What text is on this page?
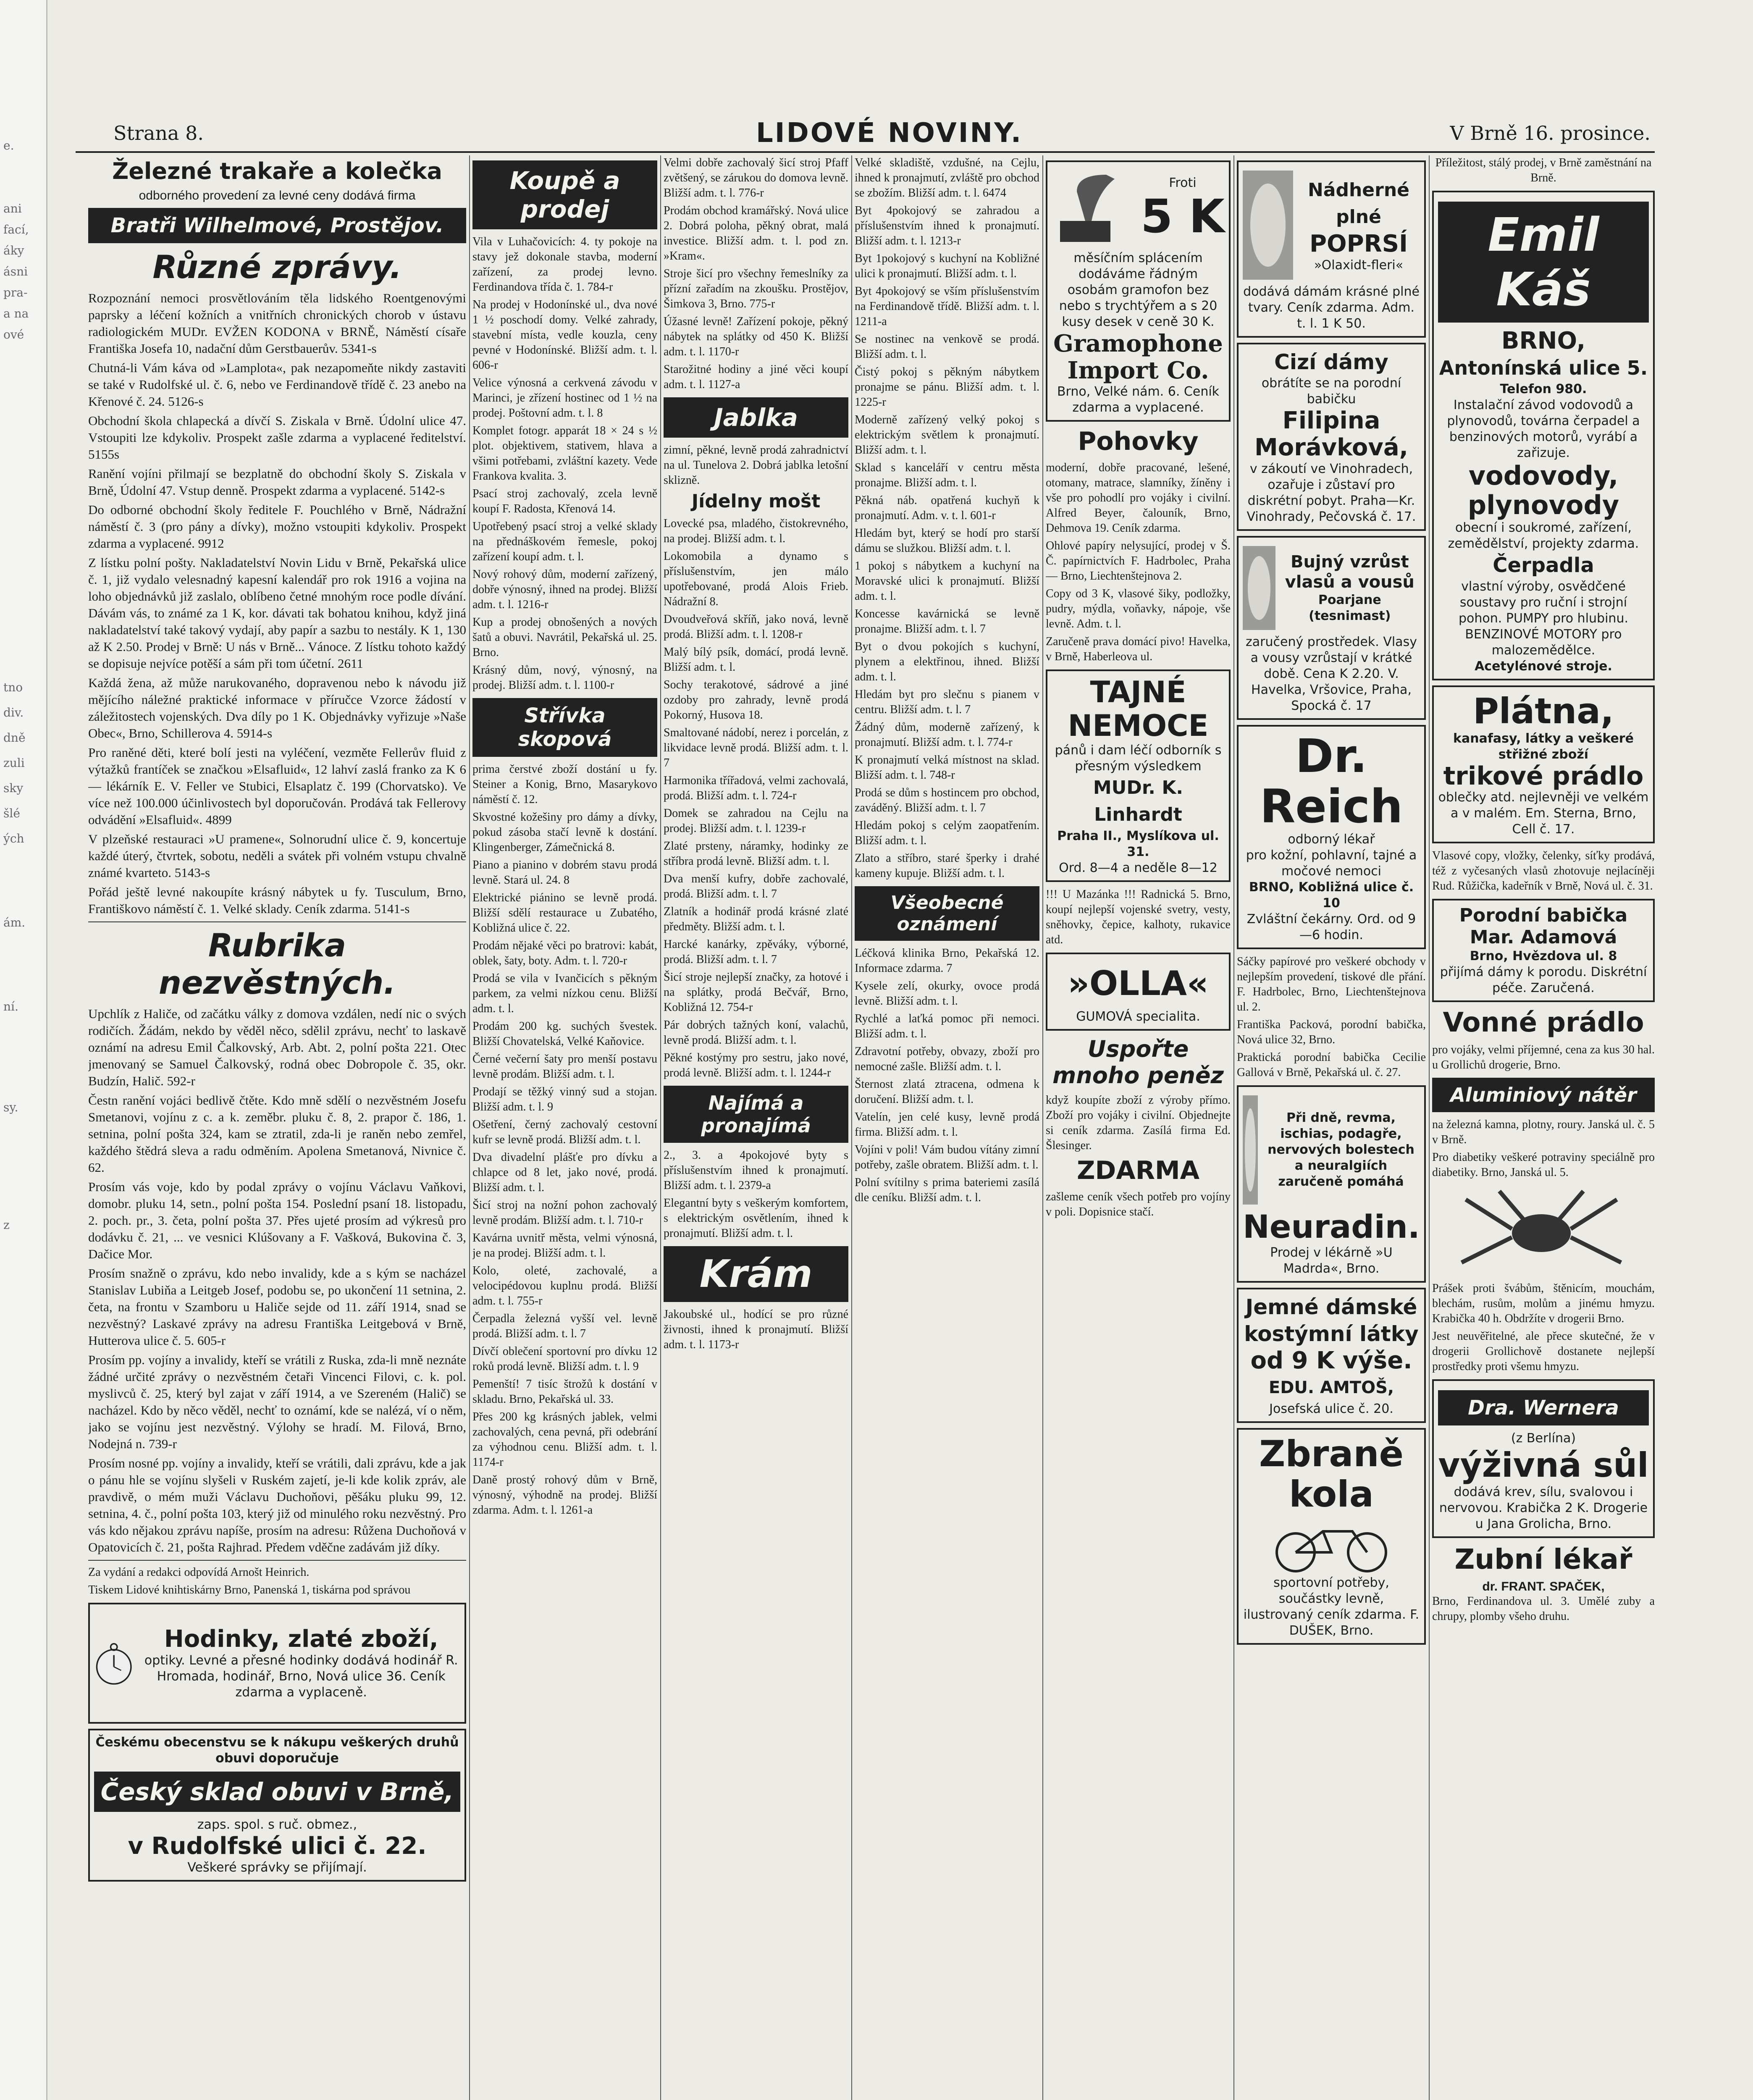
e.
ani
fací,
áky
ásni
pra-
a na
ové
tno
div.
dně
zuli
sky
šlé
ých
ám.
ní.
sy.
z
Strana 8.	LIDOVÉ NOVINY.	V Brně 16. prosince.
Železné trakaře a kolečka

odborného provedení za levné ceny dodává firma

Bratři Wilhelmové, Prostějov.
Různé zprávy.

Rozpoznání nemoci prosvětlováním těla lidského Roentgenovými paprsky a léčení kožních a vnitřních chronických chorob v ústavu radiologickém MUDr. EVŽEN KODONA v BRNĚ, Náměstí císaře Františka Josefa 10, nadační dům Gerstbauerův. 5341-s

Chutná-li Vám káva od »Lamplota«, pak nezapomeňte nikdy zastaviti se také v Rudolfské ul. č. 6, nebo ve Ferdinandově třídě č. 23 anebo na Křenové č. 24. 5126-s

Obchodní škola chlapecká a dívčí S. Ziskala v Brně. Údolní ulice 47. Vstoupiti lze kdykoliv. Prospekt zašle zdarma a vyplacené ředitelství. 5155s

Ranění vojíni přilmají se bezplatně do obchodní školy S. Ziskala v Brně, Údolní 47. Vstup denně. Prospekt zdarma a vyplacené. 5142-s

Do odborné obchodní školy ředitele F. Pouchlého v Brně, Nádražní náměstí č. 3 (pro pány a dívky), možno vstoupiti kdykoliv. Prospekt zdarma a vyplacené. 9912

Z lístku polní pošty. Nakladatelství Novin Lidu v Brně, Pekařská ulice č. 1, již vydalo velesnadný kapesní kalendář pro rok 1916 a vojina na loho objednávků již zaslalo, oblíbeno četné mnohým roce podle dívání. Dávám vás, to známé za 1 K, kor. dávati tak bohatou knihou, když jiná nakladatelství také takový vydají, aby papír a sazbu to nestály. K 1, 130 až K 2.50. Prodej v Brně: U nás v Brně... Vánoce. Z lístku tohoto každý se dopisuje nejvíce potěší a sám při tom účetní. 2611

Každá žena, až může narukovaného, dopravenou nebo k návodu již mějícího náležné praktické informace v příručce Vzorce žádostí v záležitostech vojenských. Dva díly po 1 K. Objednávky vyřizuje »Naše Obec«, Brno, Schillerova 4. 5914-s

Pro raněné děti, které bolí jesti na vyléčení, vezměte Fellerův fluid z výtažků frantíček se značkou »Elsafluid«, 12 lahví zaslá franko za K 6 — lékárník E. V. Feller ve Stubici, Elsaplatz č. 199 (Chorvatsko). Ve více než 100.000 účinlivostech byl doporučován. Prodává tak Fellerovy odvádění »Elsafluid«. 4899

V plzeňské restauraci »U pramene«, Solnorudní ulice č. 9, koncertuje každé úterý, čtvrtek, sobotu, neděli a svátek při volném vstupu chvalně známé kvarteto. 5143-s

Pořád ještě levné nakoupíte krásný nábytek u fy. Tusculum, Brno, Františkovo náměstí č. 1. Velké sklady. Ceník zdarma. 5141-s

Rubrika nezvěstných.

Upchlík z Haliče, od začátku války z domova vzdálen, nedí nic o svých rodičích. Žádám, nekdo by věděl něco, sdělil zprávu, nechť to laskavě oznámí na adresu Emil Čalkovský, Arb. Abt. 2, polní pošta 221. Otec jmenovaný se Samuel Čalkovský, rodná obec Dobropole č. 35, okr. Budzín, Halič. 592-r

Čestn ranění vojáci bedlivě čtěte. Kdo mně sdělí o nezvěstném Josefu Smetanovi, vojínu z c. a k. zeměbr. pluku č. 8, 2. prapor č. 186, 1. setnina, polní pošta 324, kam se ztratil, zda-li je raněn nebo zemřel, každého štědrá sleva a radu odměním. Apolena Smetanová, Nivnice č. 62.

Prosím vás voje, kdo by podal zprávy o vojínu Václavu Vaňkovi, domobr. pluku 14, setn., polní pošta 154. Poslední psaní 18. listopadu, 2. poch. pr., 3. četa, polní pošta 37. Přes ujeté prosím ad výkresů pro dodávku č. 21, ... ve vesnici Klúšovany a F. Vašková, Bukovina č. 3, Dačice Mor.

Prosím snažně o zprávu, kdo nebo invalidy, kde a s kým se nacházel Stanislav Lubiňa a Leitgeb Josef, podobu se, po ukončení 11 setnina, 2. četa, na frontu v Szamboru u Haliče sejde od 11. září 1914, snad se nezvěstný? Laskavé zprávy na adresu Františka Leitgebová v Brně, Hutterova ulice č. 5. 605-r

Prosím pp. vojíny a invalidy, kteří se vrátili z Ruska, zda-li mně neznáte žádné určité zprávy o nezvěstném četaři Vincenci Filovi, c. k. pol. myslivců č. 25, který byl zajat v září 1914, a ve Szereném (Halič) se nacházel. Kdo by něco věděl, nechť to oznámí, kde se nalézá, ví o něm, jako se vojínu jest nezvěstný. Výlohy se hradí. M. Filová, Brno, Nodejná n. 739-r

Prosím nosné pp. vojíny a invalidy, kteří se vrátili, dali zprávu, kde a jak o pánu hle se vojínu slyšeli v Ruském zajetí, je-li kde kolik zpráv, ale pravdivě, o mém muži Václavu Duchoňovi, pěšáku pluku 99, 12. setnina, 4. č., polní pošta 103, který již od minulého roku nezvěstný. Pro vás kdo nějakou zprávu napíše, prosím na adresu: Růžena Duchoňová v Opatovicích č. 21, pošta Rajhrad. Předem vděčne zadávám již díky.

Za vydání a redakci odpovídá Arnošt Heinrich.

Tiskem Lidové knihtiskárny Brno, Panenská 1, tiskárna pod správou

Hodinky, zlaté zboží,
optiky. Levné a přesné hodinky dodává hodinář R. Hromada, hodinář, Brno, Nová ulice 36. Ceník zdarma a vyplaceně.
Českému obecenstvu se k nákupu veškerých druhů obuvi doporučuje
Český sklad obuvi v Brně,
zaps. spol. s ruč. obmez.,
v Rudolfské ulici č. 22.
Veškeré správky se přijímají.
Koupě a prodej

Vila v Luhačovicích: 4. ty pokoje na stavy jež dokonale stavba, moderní zařízení, za prodej levno. Ferdinandova třída č. 1. 784-r

Na prodej v Hodonínské ul., dva nové 1 ½ poschodí domy. Velké zahrady, stavební místa, vedle kouzla, ceny pevné v Hodonínské. Bližší adm. t. l. 606-r

Velice výnosná a cerkvená závodu v Marinci, je zřízení hostinec od 1 ½ na prodej. Poštovní adm. t. l. 8

Komplet fotogr. apparát 18 × 24 s ½ plot. objektivem, stativem, hlava a všimi potřebami, zvláštní kazety. Vede Frankova kvalita. 3.

Psací stroj zachovalý, zcela levně koupí F. Radosta, Křenová 14.

Upotřebený psací stroj a velké sklady na přednáškovém řemesle, pokoj zařízení koupí adm. t. l.

Nový rohový dům, moderní zařízený, dobře výnosný, ihned na prodej. Bližší adm. t. l. 1216-r

Kup a prodej obnošených a nových šatů a obuvi. Navrátil, Pekařská ul. 25. Brno.

Krásný dům, nový, výnosný, na prodej. Bližší adm. t. l. 1100-r

Střívka skopová

prima čerstvé zboží dostání u fy. Steiner a Konig, Brno, Masarykovo náměstí č. 12.

Skvostné kožešiny pro dámy a dívky, pokud zásoba stačí levně k dostání. Klingenberger, Zámečnická 8.

Piano a pianino v dobrém stavu prodá levně. Stará ul. 24. 8

Elektrické piánino se levně prodá. Bližší sdělí restaurace u Zubatého, Kobližná ulice č. 22.

Prodám nějaké věci po bratrovi: kabát, oblek, šaty, boty. Adm. t. l. 720-r

Prodá se vila v Ivančicích s pěkným parkem, za velmi nízkou cenu. Bližší adm. t. l.

Prodám 200 kg. suchých švestek. Bližší Chovatelská, Velké Kaňovice.

Černé večerní šaty pro menší postavu levně prodám. Bližší adm. t. l.

Prodají se těžký vinný sud a stojan. Bližší adm. t. l. 9

Ošetření, černý zachovalý cestovní kufr se levně prodá. Bližší adm. t. l.

Dva divadelní plášťe pro dívku a chlapce od 8 let, jako nové, prodá. Bližší adm. t. l.

Šicí stroj na nožní pohon zachovalý levně prodám. Bližší adm. t. l. 710-r

Kavárna uvnitř města, velmi výnosná, je na prodej. Bližší adm. t. l.

Kolo, oleté, zachovalé, a velocipédovou kuplnu prodá. Bližší adm. t. l. 755-r

Čerpadla železná vyšší vel. levně prodá. Bližší adm. t. l. 7

Dívčí oblečení sportovní pro dívku 12 roků prodá levně. Bližší adm. t. l. 9

Pemenští! 7 tisíc štrožů k dostání v skladu. Brno, Pekařská ul. 33.

Přes 200 kg krásných jablek, velmi zachovalých, cena pevná, při odebrání za výhodnou cenu. Bližší adm. t. l. 1174-r

Daně prostý rohový dům v Brně, výnosný, výhodně na prodej. Bližší zdarma. Adm. t. l. 1261-a

Velmi dobře zachovalý šicí stroj Pfaff zvětšený, se zárukou do domova levně. Bližší adm. t. l. 776-r

Prodám obchod kramářský. Nová ulice 2. Dobrá poloha, pěkný obrat, malá investice. Bližší adm. t. l. pod zn. »Kram«.

Stroje šicí pro všechny řemeslníky za přízní zařadím na zkoušku. Prostějov, Šimkova 3, Brno. 775-r

Úžasné levně! Zařízení pokoje, pěkný nábytek na splátky od 450 K. Bližší adm. t. l. 1170-r

Starožitné hodiny a jiné věci koupí adm. t. l. 1127-a

Jablka

zimní, pěkné, levně prodá zahradnictví na ul. Tunelova 2. Dobrá jablka letošní sklizně.

Jídelny mošt

Lovecké psa, mladého, čistokrevného, na prodej. Bližší adm. t. l.

Lokomobila a dynamo s příslušenstvím, jen málo upotřebované, prodá Alois Frieb. Nádražní 8.

Dvoudveřová skříň, jako nová, levně prodá. Bližší adm. t. l. 1208-r

Malý bílý psík, domácí, prodá levně. Bližší adm. t. l.

Sochy terakotové, sádrové a jiné ozdoby pro zahrady, levně prodá Pokorný, Husova 18.

Smaltované nádobí, nerez i porcelán, z likvidace levně prodá. Bližší adm. t. l. 7

Harmonika třířadová, velmi zachovalá, prodá. Bližší adm. t. l. 724-r

Domek se zahradou na Cejlu na prodej. Bližší adm. t. l. 1239-r

Zlaté prsteny, náramky, hodinky ze stříbra prodá levně. Bližší adm. t. l.

Dva menší kufry, dobře zachovalé, prodá. Bližší adm. t. l. 7

Zlatník a hodinář prodá krásné zlaté předměty. Bližší adm. t. l.

Harcké kanárky, zpěváky, výborné, prodá. Bližší adm. t. l. 7

Šicí stroje nejlepší značky, za hotové i na splátky, prodá Bečvář, Brno, Kobližná 12. 754-r

Pár dobrých tažných koní, valachů, levně prodá. Bližší adm. t. l.

Pěkné kostýmy pro sestru, jako nové, prodá levně. Bližší adm. t. l. 1244-r

Najímá a pronajímá

2., 3. a 4pokojové byty s příslušenstvím ihned k pronajmutí. Bližší adm. t. l. 2379-a

Elegantní byty s veškerým komfortem, s elektrickým osvětlením, ihned k pronajmutí. Bližší adm. t. l.

Krám

Jakoubské ul., hodící se pro různé živnosti, ihned k pronajmutí. Bližší adm. t. l. 1173-r

Velké skladiště, vzdušné, na Cejlu, ihned k pronajmutí, zvláště pro obchod se zbožím. Bližší adm. t. l. 6474

Byt 4pokojový se zahradou a příslušenstvím ihned k pronajmutí. Bližší adm. t. l. 1213-r

Byt 1pokojový s kuchyní na Kobližné ulici k pronajmutí. Bližší adm. t. l.

Byt 4pokojový se vším příslušenstvím na Ferdinandově třídě. Bližší adm. t. l. 1211-a

Se nostinec na venkově se prodá. Bližší adm. t. l.

Čistý pokoj s pěkným nábytkem pronajme se pánu. Bližší adm. t. l. 1225-r

Moderně zařízený velký pokoj s elektrickým světlem k pronajmutí. Bližší adm. t. l.

Sklad s kanceláří v centru města pronajme. Bližší adm. t. l.

Pěkná náb. opatřená kuchyň k pronajmutí. Adm. v. t. l. 601-r

Hledám byt, který se hodí pro starší dámu se služkou. Bližší adm. t. l.

1 pokoj s nábytkem a kuchyní na Moravské ulici k pronajmutí. Bližší adm. t. l.

Koncesse kavárnická se levně pronajme. Bližší adm. t. l. 7

Byt o dvou pokojích s kuchyní, plynem a elektřinou, ihned. Bližší adm. t. l.

Hledám byt pro slečnu s pianem v centru. Bližší adm. t. l. 7

Žádný dům, moderně zařízený, k pronajmutí. Bližší adm. t. l. 774-r

K pronajmutí velká místnost na sklad. Bližší adm. t. l. 748-r

Prodá se dům s hostincem pro obchod, zaváděný. Bližší adm. t. l. 7

Hledám pokoj s celým zaopatřením. Bližší adm. t. l.

Zlato a stříbro, staré šperky i drahé kameny kupuje. Bližší adm. t. l.

Všeobecné oznámení

Léčková klinika Brno, Pekařská 12. Informace zdarma. 7

Kysele zelí, okurky, ovoce prodá levně. Bližší adm. t. l.

Rychlé a laťká pomoc při nemoci. Bližší adm. t. l.

Zdravotní potřeby, obvazy, zboží pro nemocné zašle. Bližší adm. t. l.

Šternost zlatá ztracena, odmena k doručení. Bližší adm. t. l.

Vatelín, jen celé kusy, levně prodá firma. Bližší adm. t. l.

Vojíni v poli! Vám budou vítány zimní potřeby, zašle obratem. Bližší adm. t. l.

Polní svítilny s prima bateriemi zasílá dle ceníku. Bližší adm. t. l.

Froti
5 K
měsíčním splácením dodáváme řádným osobám gramofon bez nebo s trychtýřem a s 20 kusy desek v ceně 30 K.
Gramophone Import Co.
Brno, Velké nám. 6. Ceník zdarma a vyplacené.
Pohovky

moderní, dobře pracované, lešené, otomany, matrace, slamníky, žíněny i vše pro pohodlí pro vojáky i civilní. Alfred Beyer, čalouník, Brno, Dehmova 19. Ceník zdarma.

Ohlové papíry nelysující, prodej v Š. Č. papírnictvích F. Hadrbolec, Praha — Brno, Liechtenštejnova 2.

Copy od 3 K, vlasové šiky, podložky, pudry, mýdla, voňavky, nápoje, vše levně. Adm. t. l.

Zaručeně prava domácí pivo! Havelka, v Brně, Haberleova ul.

TAJNÉ NEMOCE
pánů i dam léčí odborník s přesným výsledkem
MUDr. K. Linhardt
Praha II., Myslíkova ul. 31.
Ord. 8—4 a neděle 8—12

!!! U Mazánka !!! Radnická 5. Brno, koupí nejlepší vojenské svetry, vesty, sněhovky, čepice, kalhoty, rukavice atd.

»OLLA«
GUMOVÁ specialita.
Uspořte mnoho peněz

když koupíte zboží z výroby přímo. Zboží pro vojáky i civilní. Objednejte si ceník zdarma. Zasílá firma Ed. Šlesinger.

ZDARMA

zašleme ceník všech potřeb pro vojíny v poli. Dopisnice stačí.

Nádherné plné
POPRSÍ
»Olaxidt-fleri«
dodává dámám krásné plné tvary. Ceník zdarma. Adm. t. l. 1 K 50.
Cizí dámy
obrátíte se na porodní babičku
Filipina Morávková,
v zákoutí ve Vinohradech, ozařuje i zůstaví pro diskrétní pobyt. Praha—Kr. Vinohrady, Pečovská č. 17.
Bujný vzrůst vlasů a vousů
Poarjane (tesnimast)
zaručený prostředek. Vlasy a vousy vzrůstají v krátké době. Cena K 2.20. V. Havelka, Vršovice, Praha, Spocká č. 17
Dr. Reich
odborný lékař
pro kožní, pohlavní, tajné a močové nemoci
BRNO, Kobližná ulice č. 10
Zvláštní čekárny. Ord. od 9—6 hodin.

Sáčky papírové pro veškeré obchody v nejlepším provedení, tiskové dle přání. F. Hadrbolec, Brno, Liechtenštejnova ul. 2.

Františka Packová, porodní babička, Nová ulice 32, Brno.

Praktická porodní babička Cecilie Gallová v Brně, Pekařská ul. č. 27.

Při dně, revma, ischias, podagře, nervových bolestech a neuralgiích zaručeně pomáhá
Neuradin.
Prodej v lékárně »U Madrda«, Brno.
Jemné dámské kostýmní látky
od 9 K výše.
EDU. AMTOŠ,
Josefská ulice č. 20.
Zbraně kola
sportovní potřeby, součástky levně, ilustrovaný ceník zdarma. F. DUŠEK, Brno.

Příležitost, stálý prodej, v Brně zaměstnání na Brně.

Emil Káš
BRNO,
Antonínská ulice 5.
Telefon 980.
Instalační závod vodovodů a plynovodů, továrna čerpadel a benzinových motorů, vyrábí a zařizuje.
vodovody, plynovody
obecní i soukromé, zařízení, zemědělství, projekty zdarma.
Čerpadla
vlastní výroby, osvědčené soustavy pro ruční i strojní pohon. PUMPY pro hlubinu. BENZINOVÉ MOTORY pro malozemědělce.
Acetylénové stroje.
Plátna,
kanafasy, látky a veškeré střižné zboží
trikové prádlo
oblečky atd. nejlevněji ve velkém a v malém. Em. Sterna, Brno, Cell č. 17.

Vlasové copy, vložky, čelenky, síťky prodává, též z vyčesaných vlasů zhotovuje nejlacíněji Rud. Růžička, kadeřník v Brně, Nová ul. č. 31.

Porodní babička Mar. Adamová
Brno, Hvězdova ul. 8
přijímá dámy k porodu. Diskrétní péče. Zaručená.
Vonné prádlo

pro vojáky, velmi příjemné, cena za kus 30 hal. u Grollichů drogerie, Brno.

Aluminiový nátěr

na železná kamna, plotny, roury. Janská ul. č. 5 v Brně.

Pro diabetiky veškeré potraviny speciálně pro diabetiky. Brno, Janská ul. 5.

Prášek proti švábům, štěnicím, mouchám, blechám, rusům, molům a jinému hmyzu. Krabička 40 h. Obdržíte v drogerii Brno.

Jest neuvěřitelné, ale přece skutečné, že v drogerii Grollichově dostanete nejlepší prostředky proti všemu hmyzu.

Dra. Wernera
(z Berlína)
výživná sůl
dodává krev, sílu, svalovou i nervovou. Krabička 2 K. Drogerie u Jana Grolicha, Brno.
Zubní lékař
dr. FRANT. SPAČEK,

Brno, Ferdinandova ul. 3. Umělé zuby a chrupy, plomby všeho druhu.
